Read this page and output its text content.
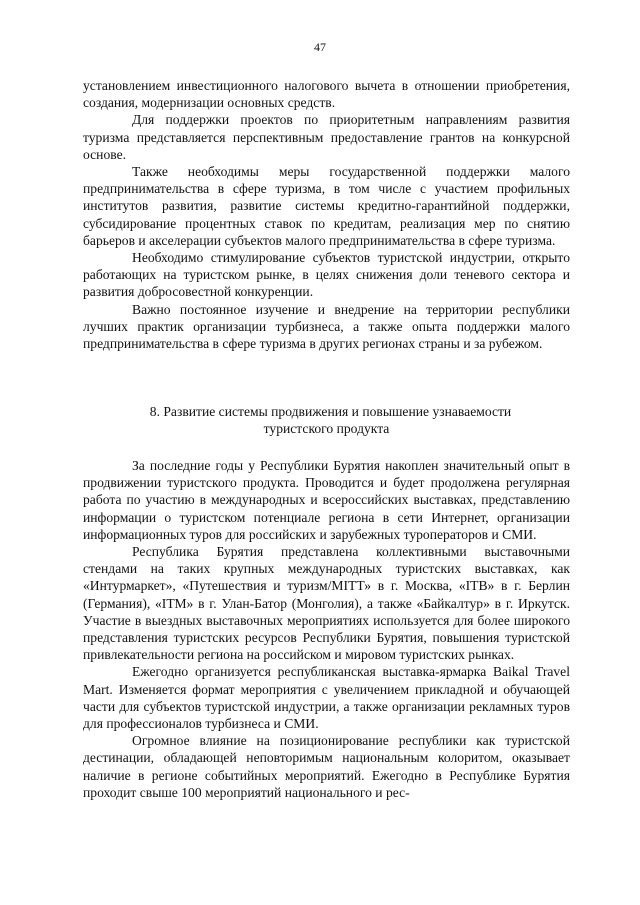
47

установлением инвестиционного налогового вычета в отношении приобретения, создания, модернизации основных средств.

Для поддержки проектов по приоритетным направлениям развития туризма представляется перспективным предоставление грантов на конкурсной основе.

Также необходимы меры государственной поддержки малого предпринимательства в сфере туризма, в том числе с участием профильных институтов развития, развитие системы кредитно-гарантийной поддержки, субсидирование процентных ставок по кредитам, реализация мер по снятию барьеров и акселерации субъектов малого предпринимательства в сфере туризма.

Необходимо стимулирование субъектов туристской индустрии, открыто работающих на туристском рынке, в целях снижения доли теневого сектора и развития добросовестной конкуренции.

Важно постоянное изучение и внедрение на территории республики лучших практик организации турбизнеса, а также опыта поддержки малого предпринимательства в сфере туризма в других регионах страны и за рубежом.

8. Развитие системы продвижения и повышение узнаваемости
туристского продукта

За последние годы у Республики Бурятия накоплен значительный опыт в продвижении туристского продукта. Проводится и будет продолжена регулярная работа по участию в международных и всероссийских выставках, представлению информации о туристском потенциале региона в сети Интернет, организации информационных туров для российских и зарубежных туроператоров и СМИ.

Республика Бурятия представлена коллективными выставочными стендами на таких крупных международных туристских выставках, как «Интурмаркет», «Путешествия и туризм/МІТТ» в г. Москва, «ІТВ» в г. Берлин (Германия), «ІТМ» в г. Улан-Батор (Монголия), а также «Байкалтур» в г. Иркутск. Участие в выездных выставочных мероприятиях используется для более широкого представления туристских ресурсов Республики Бурятия, повышения туристской привлекательности региона на российском и мировом туристских рынках.

Ежегодно организуется республиканская выставка-ярмарка Baikal Travel Mart. Изменяется формат мероприятия с увеличением прикладной и обучающей части для субъектов туристской индустрии, а также организации рекламных туров для профессионалов турбизнеса и СМИ.

Огромное влияние на позиционирование республики как туристской дестинации, обладающей неповторимым национальным колоритом, оказывает наличие в регионе событийных мероприятий. Ежегодно в Республике Бурятия проходит свыше 100 мероприятий национального и рес-
